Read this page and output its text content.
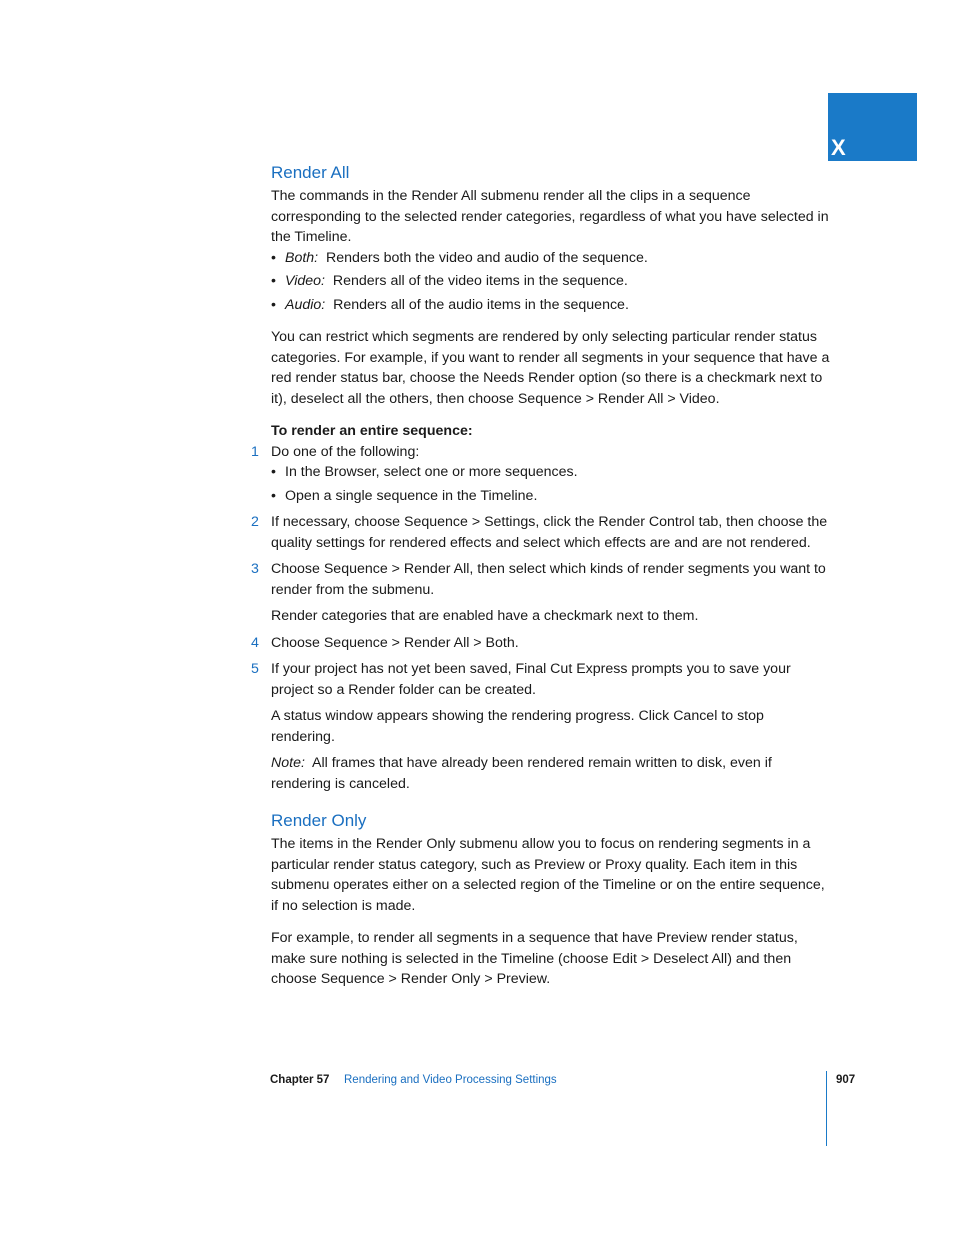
X
Render All

The commands in the Render All submenu render all the clips in a sequence corresponding to the selected render categories, regardless of what you have selected in the Timeline.

• Both: Renders both the video and audio of the sequence.
• Video: Renders all of the video items in the sequence.
• Audio: Renders all of the audio items in the sequence.

You can restrict which segments are rendered by only selecting particular render status categories. For example, if you want to render all segments in your sequence that have a red render status bar, choose the Needs Render option (so there is a checkmark next to it), deselect all the others, then choose Sequence > Render All > Video.

To render an entire sequence:

1 Do one of the following:
• In the Browser, select one or more sequences.
• Open a single sequence in the Timeline.
2 If necessary, choose Sequence > Settings, click the Render Control tab, then choose the quality settings for rendered effects and select which effects are and are not rendered.
3 Choose Sequence > Render All, then select which kinds of render segments you want to render from the submenu.

Render categories that are enabled have a checkmark next to them.

4 Choose Sequence > Render All > Both.
5 If your project has not yet been saved, Final Cut Express prompts you to save your project so a Render folder can be created.

A status window appears showing the rendering progress. Click Cancel to stop rendering.

Note: All frames that have already been rendered remain written to disk, even if rendering is canceled.

Render Only

The items in the Render Only submenu allow you to focus on rendering segments in a particular render status category, such as Preview or Proxy quality. Each item in this submenu operates either on a selected region of the Timeline or on the entire sequence, if no selection is made.

For example, to render all segments in a sequence that have Preview render status, make sure nothing is selected in the Timeline (choose Edit > Deselect All) and then choose Sequence > Render Only > Preview.

Chapter 57 Rendering and Video Processing Settings	907
